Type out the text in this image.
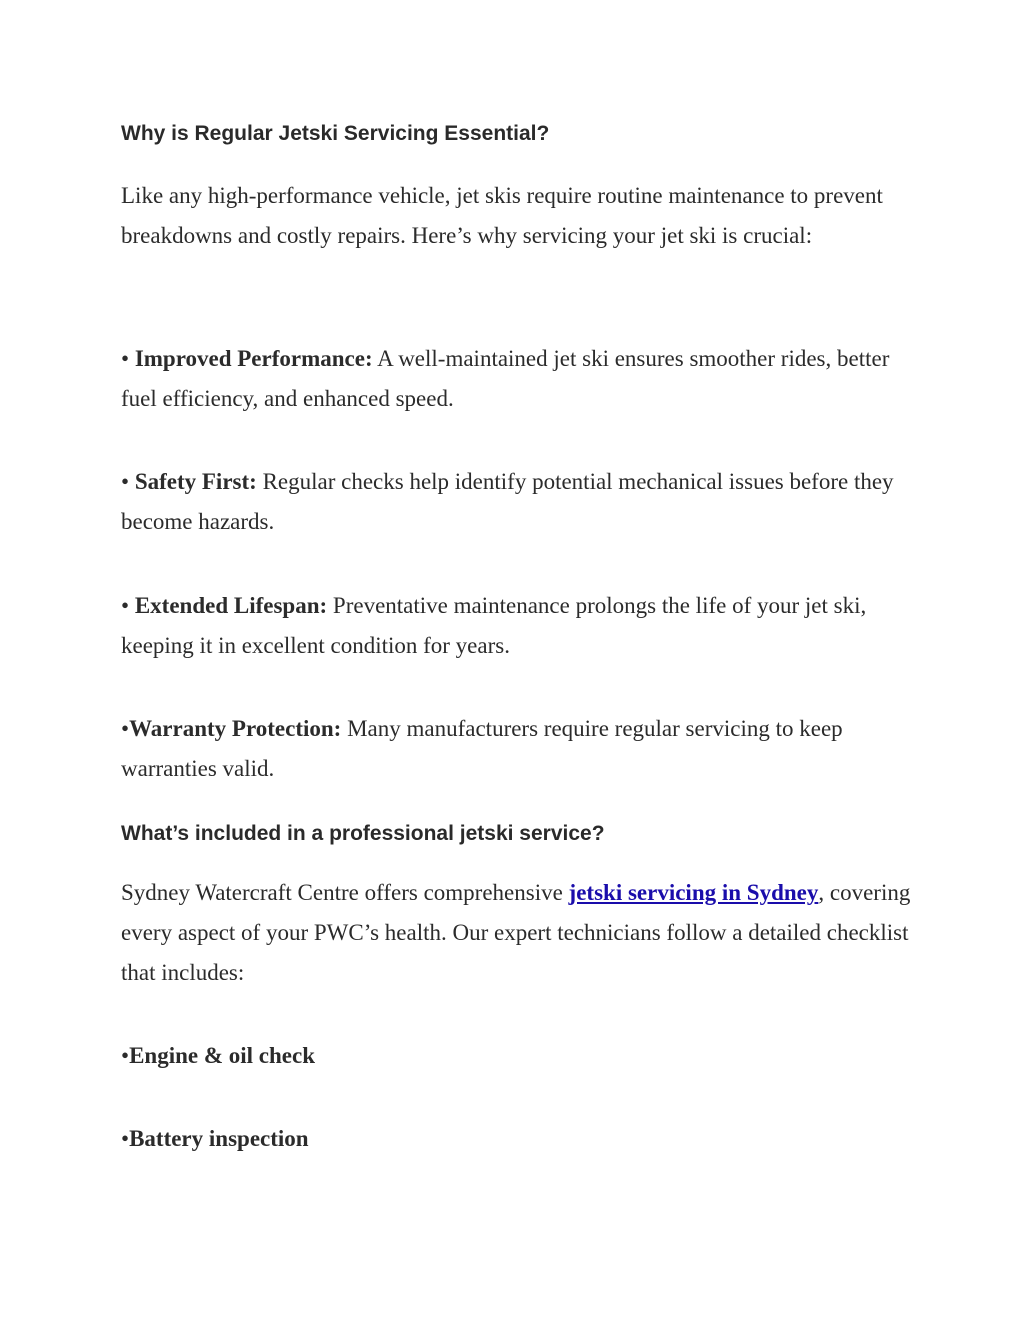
Why is Regular Jetski Servicing Essential?

Like any high-performance vehicle, jet skis require routine maintenance to prevent breakdowns and costly repairs. Here’s why servicing your jet ski is crucial:

• Improved Performance: A well-maintained jet ski ensures smoother rides, better fuel efficiency, and enhanced speed.

• Safety First: Regular checks help identify potential mechanical issues before they become hazards.

• Extended Lifespan: Preventative maintenance prolongs the life of your jet ski, keeping it in excellent condition for years.

•Warranty Protection: Many manufacturers require regular servicing to keep warranties valid.

What’s included in a professional jetski service?

Sydney Watercraft Centre offers comprehensive jetski servicing in Sydney, covering every aspect of your PWC’s health. Our expert technicians follow a detailed checklist that includes:

•Engine & oil check

•Battery inspection
